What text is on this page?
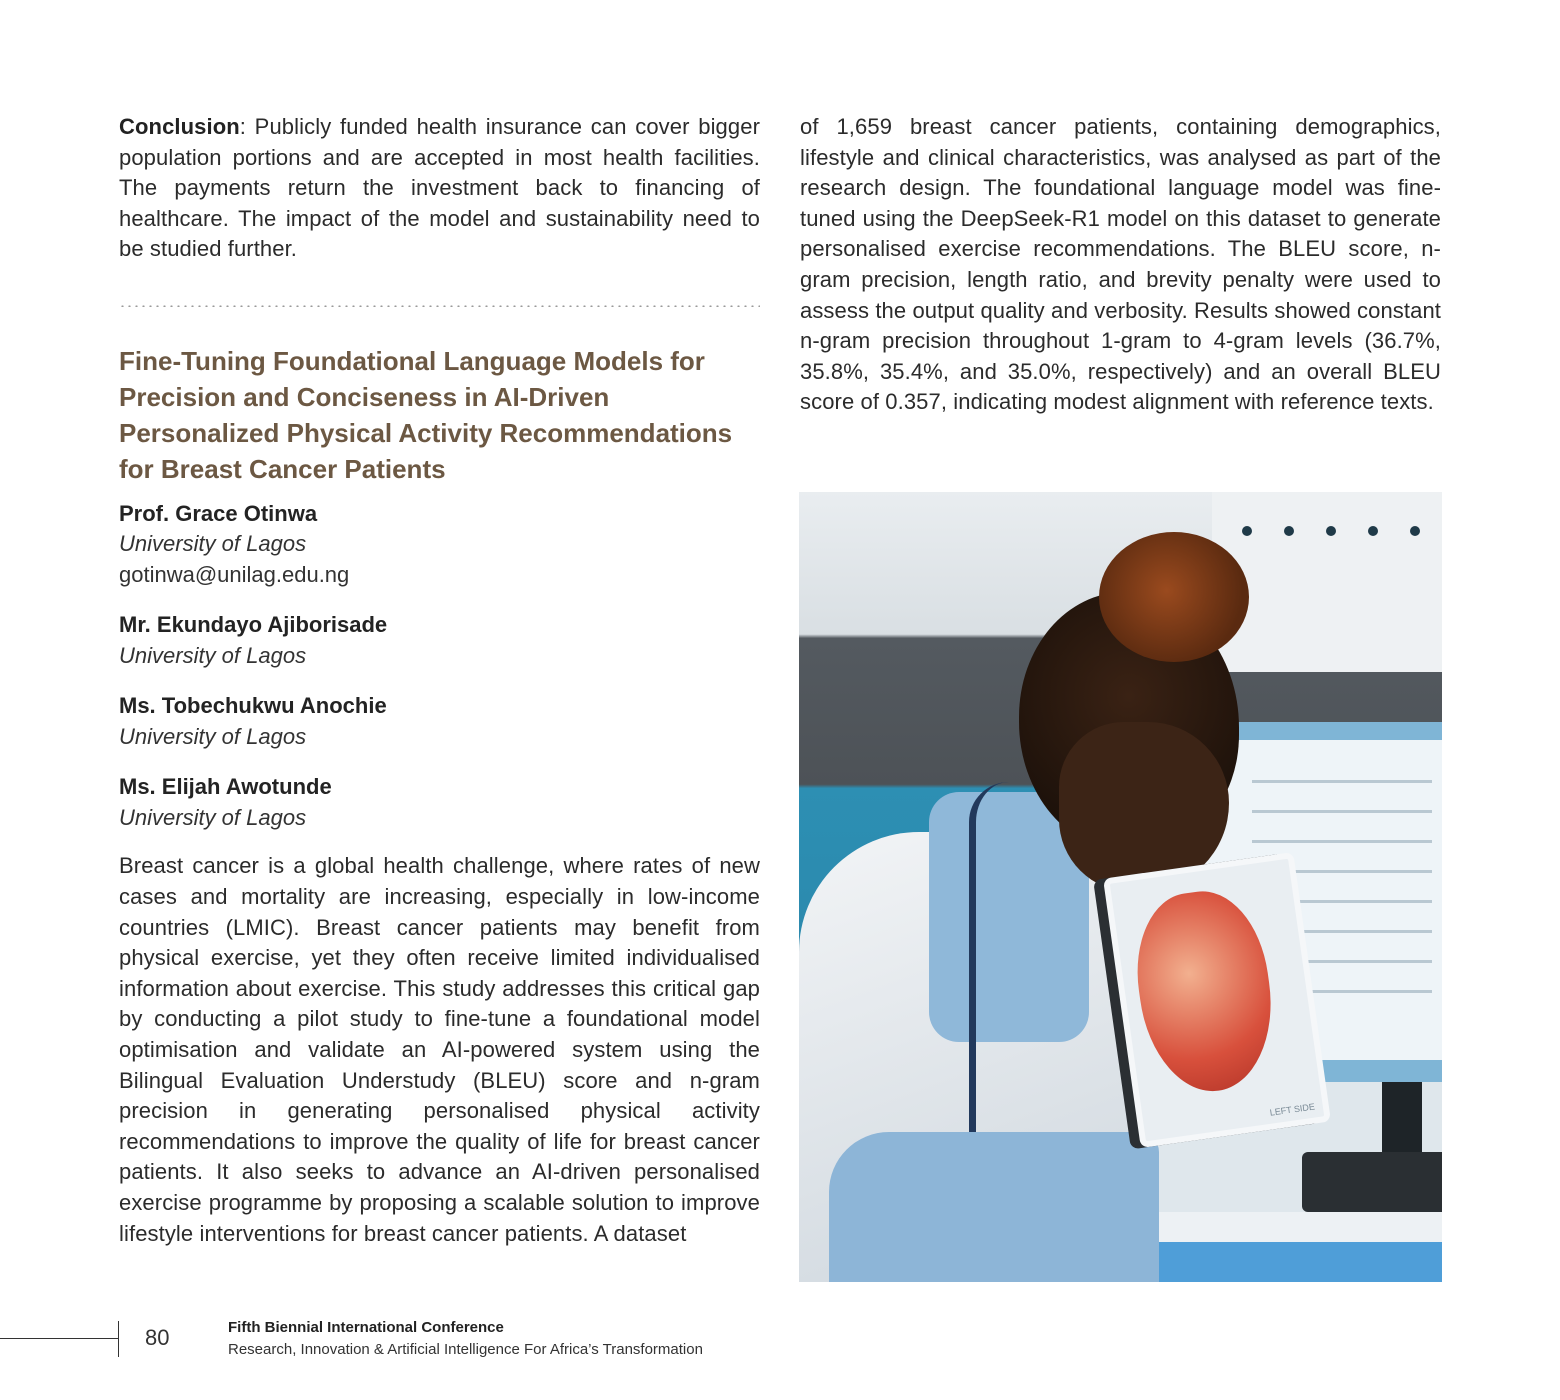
Conclusion: Publicly funded health insurance can cover bigger population portions and are accepted in most health facilities. The payments return the investment back to financing of healthcare. The impact of the model and sustainability need to be studied further.

Fine-Tuning Foundational Language Models for Precision and Conciseness in AI-Driven Personalized Physical Activity Recommendations for Breast Cancer Patients
Prof. Grace Otinwa
University of Lagos
gotinwa@unilag.edu.ng
Mr. Ekundayo Ajiborisade
University of Lagos
Ms. Tobechukwu Anochie
University of Lagos
Ms. Elijah Awotunde
University of Lagos

Breast cancer is a global health challenge, where rates of new cases and mortality are increasing, especially in low-income countries (LMIC). Breast cancer patients may benefit from physical exercise, yet they often receive limited individualised information about exercise. This study addresses this critical gap by conducting a pilot study to fine-tune a foundational model optimisation and validate an AI-powered system using the Bilingual Evaluation Understudy (BLEU) score and n-gram precision in generating personalised physical activity recommendations to improve the quality of life for breast cancer patients. It also seeks to advance an AI-driven personalised exercise programme by proposing a scalable solution to improve lifestyle interventions for breast cancer patients. A dataset

of 1,659 breast cancer patients, containing demographics, lifestyle and clinical characteristics, was analysed as part of the research design. The foundational language model was fine-tuned using the DeepSeek-R1 model on this dataset to generate personalised exercise recommendations. The BLEU score, n-gram precision, length ratio, and brevity penalty were used to assess the output quality and verbosity. Results showed constant n-gram precision throughout 1-gram to 4-gram levels (36.7%, 35.8%, 35.4%, and 35.0%, respectively) and an overall BLEU score of 0.357, indicating modest alignment with reference texts.

LEFT SIDE
80	Fifth Biennial International Conference
Research, Innovation & Artificial Intelligence For Africa’s Transformation
